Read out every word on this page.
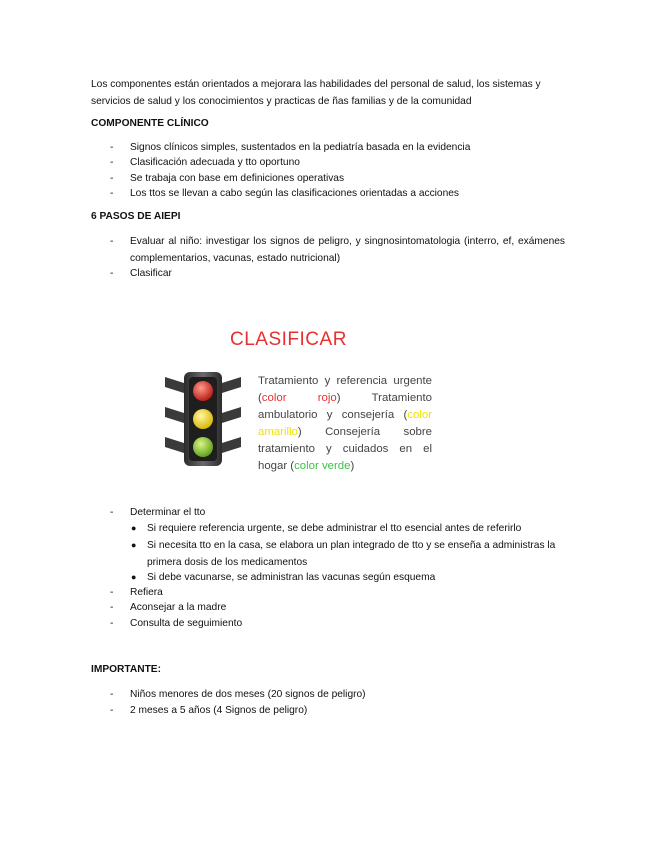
Los componentes están orientados a mejorara las habilidades del personal de salud, los sistemas y servicios de salud y los conocimientos y practicas de ñas familias y de la comunidad

COMPONENTE CLÍNICO

- Signos clínicos simples, sustentados en la pediatría basada en la evidencia
- Clasificación adecuada y tto oportuno
- Se trabaja con base em definiciones operativas
- Los ttos se llevan a cabo según las clasificaciones orientadas a acciones

6 PASOS DE AIEPI

- Evaluar al niño: investigar los signos de peligro, y singnosintomatologia (interro, ef, exámenes complementarios, vacunas, estado nutricional)
- Clasificar
CLASIFICAR
Tratamiento y referencia urgente (color rojo)	Tratamiento ambulatorio y consejería (color amarillo) Consejería sobre tratamiento y cuidados en el hogar (color verde)
- Determinar el tto
● Si requiere referencia urgente, se debe administrar el tto esencial antes de referirlo
● Si necesita tto en la casa, se elabora un plan integrado de tto y se enseña a administras la primera dosis de los medicamentos
● Si debe vacunarse, se administran las vacunas según esquema
- Refiera
- Aconsejar a la madre
- Consulta de seguimiento

IMPORTANTE:

- Niños menores de dos meses (20 signos de peligro)
- 2 meses a 5 años (4 Signos de peligro)
